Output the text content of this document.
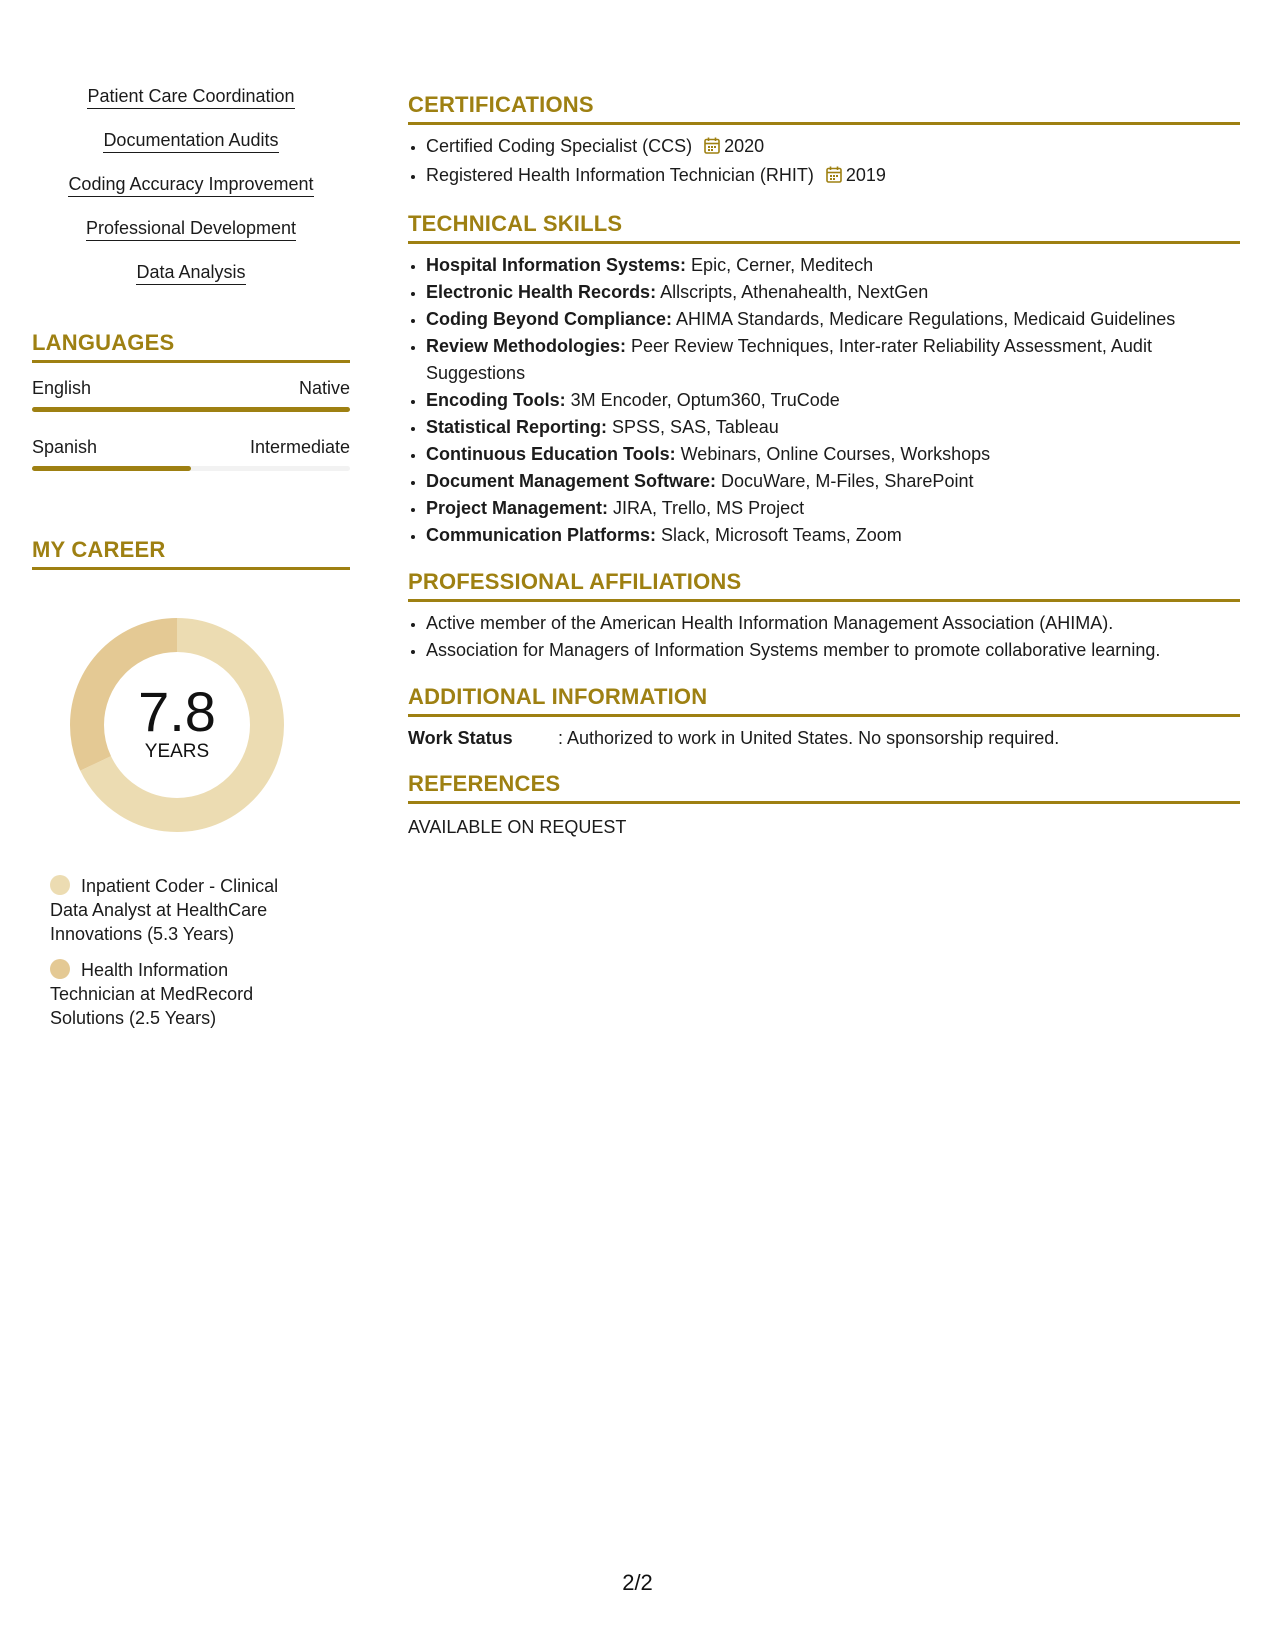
Patient Care Coordination
Documentation Audits
Coding Accuracy Improvement
Professional Development
Data Analysis
LANGUAGES
English	Native
Spanish	Intermediate
MY CAREER
7.8
YEARS
Inpatient Coder - Clinical Data Analyst at HealthCare Innovations (5.3 Years)
Health Information Technician at MedRecord Solutions (2.5 Years)
CERTIFICATIONS
• Certified Coding Specialist (CCS) 2020
• Registered Health Information Technician (RHIT) 2019
TECHNICAL SKILLS
• Hospital Information Systems: Epic, Cerner, Meditech
• Electronic Health Records: Allscripts, Athenahealth, NextGen
• Coding Beyond Compliance: AHIMA Standards, Medicare Regulations, Medicaid Guidelines
• Review Methodologies: Peer Review Techniques, Inter-rater Reliability Assessment, Audit Suggestions
• Encoding Tools: 3M Encoder, Optum360, TruCode
• Statistical Reporting: SPSS, SAS, Tableau
• Continuous Education Tools: Webinars, Online Courses, Workshops
• Document Management Software: DocuWare, M-Files, SharePoint
• Project Management: JIRA, Trello, MS Project
• Communication Platforms: Slack, Microsoft Teams, Zoom
PROFESSIONAL AFFILIATIONS
• Active member of the American Health Information Management Association (AHIMA).
• Association for Managers of Information Systems member to promote collaborative learning.
ADDITIONAL INFORMATION
Work Status	: Authorized to work in United States. No sponsorship required.
REFERENCES
AVAILABLE ON REQUEST
2/2
